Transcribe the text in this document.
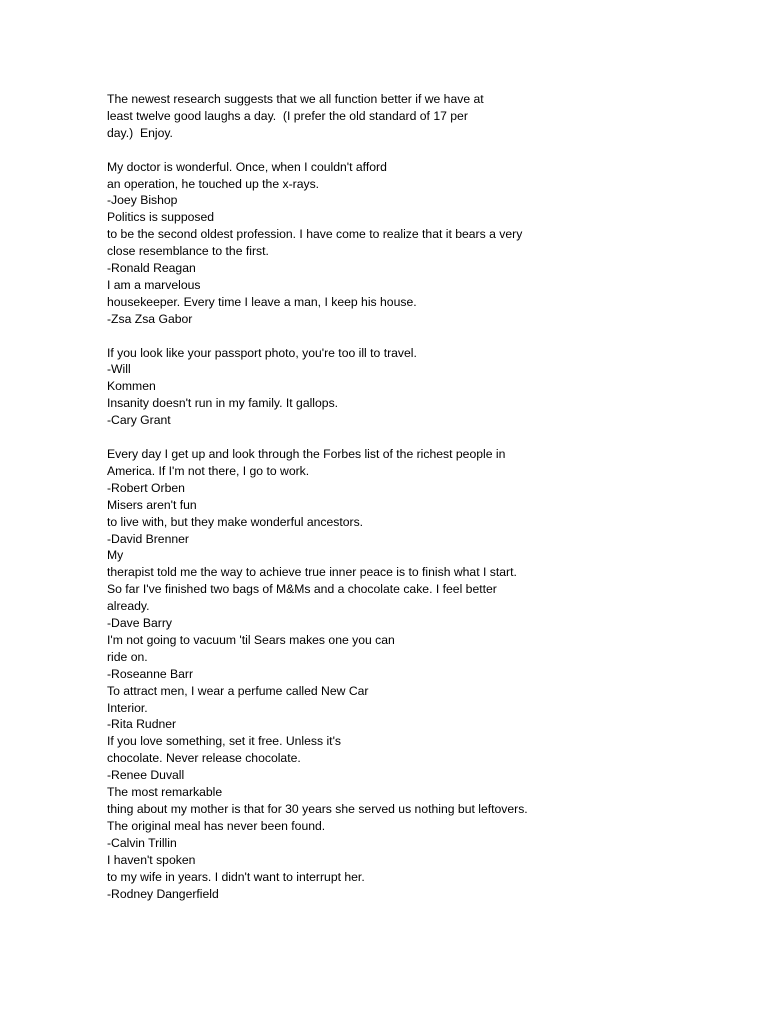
The newest research suggests that we all function better if we have at
least twelve good laughs a day.  (I prefer the old standard of 17 per
day.)  Enjoy.
My doctor is wonderful. Once, when I couldn't afford
an operation, he touched up the x-rays.
-Joey Bishop
Politics is supposed
to be the second oldest profession. I have come to realize that it bears a very
close resemblance to the first.
-Ronald Reagan
I am a marvelous
housekeeper. Every time I leave a man, I keep his house.
-Zsa Zsa Gabor
If you look like your passport photo, you're too ill to travel.
-Will
Kommen
Insanity doesn't run in my family. It gallops.
-Cary Grant
Every day I get up and look through the Forbes list of the richest people in
America. If I'm not there, I go to work.
-Robert Orben
Misers aren't fun
to live with, but they make wonderful ancestors.
-David Brenner
My
therapist told me the way to achieve true inner peace is to finish what I start.
So far I've finished two bags of M&Ms and a chocolate cake. I feel better
already.
-Dave Barry
I'm not going to vacuum 'til Sears makes one you can
ride on.
-Roseanne Barr
To attract men, I wear a perfume called New Car
Interior.
-Rita Rudner
If you love something, set it free. Unless it's
chocolate. Never release chocolate.
-Renee Duvall
The most remarkable
thing about my mother is that for 30 years she served us nothing but leftovers.
The original meal has never been found.
-Calvin Trillin
I haven't spoken
to my wife in years. I didn't want to interrupt her.
-Rodney Dangerfield
